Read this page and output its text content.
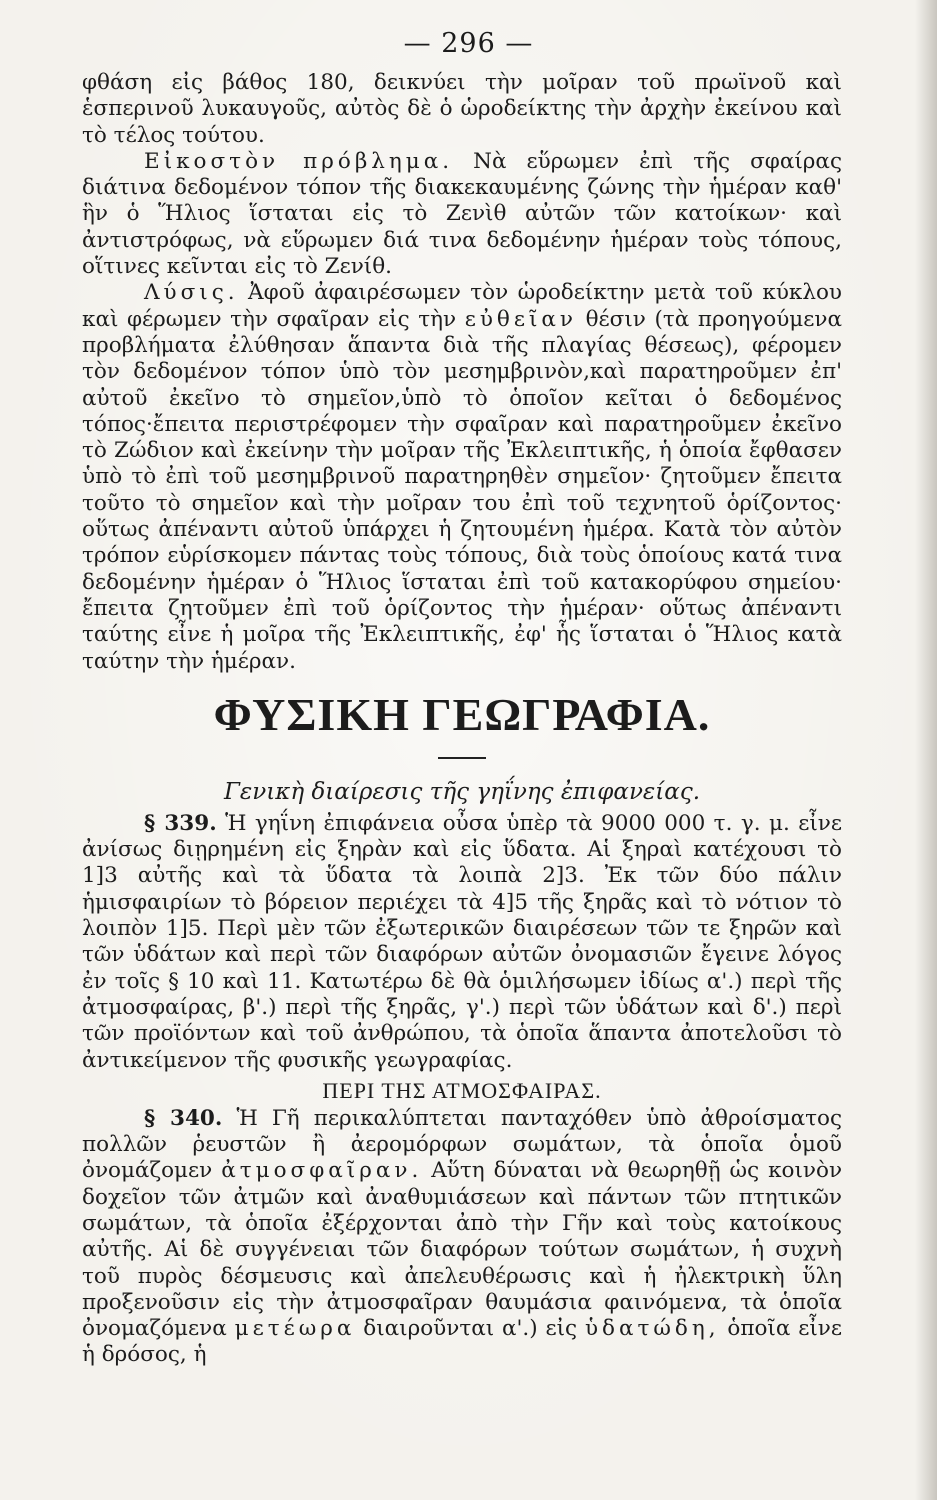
— 296 —

φθάση εἰς βάθος 180, δεικνύει τὴν μοῖραν τοῦ πρωϊνοῦ καὶ ἑσπερινοῦ λυκαυγοῦς, αὐτὸς δὲ ὁ ὡροδείκτης τὴν ἀρχὴν ἐκείνου καὶ τὸ τέλος τούτου.

Εἰκοστὸν πρόβλημα. Νὰ εὕρωμεν ἐπὶ τῆς σφαίρας διάτινα δεδομένον τόπον τῆς διακεκαυμένης ζώνης τὴν ἡμέραν καθ' ἣν ὁ Ἥλιος ἵσταται εἰς τὸ Ζενὶθ αὐτῶν τῶν κατοίκων· καὶ ἀντιστρόφως, νὰ εὕρωμεν διά τινα δεδομένην ἡμέραν τοὺς τόπους, οἵτινες κεῖνται εἰς τὸ Ζενίθ.

Λύσις. Ἀφοῦ ἀφαιρέσωμεν τὸν ὡροδείκτην μετὰ τοῦ κύκλου καὶ φέρωμεν τὴν σφαῖραν εἰς τὴν εὐθεῖαν θέσιν (τὰ προηγούμενα προβλήματα ἐλύθησαν ἅπαντα διὰ τῆς πλαγίας θέσεως), φέρομεν τὸν δεδομένον τόπον ὑπὸ τὸν μεσημβρινὸν,καὶ παρατηροῦμεν ἐπ' αὐτοῦ ἐκεῖνο τὸ σημεῖον,ὑπὸ τὸ ὁποῖον κεῖται ὁ δεδομένος τόπος·ἔπειτα περιστρέφομεν τὴν σφαῖραν καὶ παρατηροῦμεν ἐκεῖνο τὸ Ζώδιον καὶ ἐκείνην τὴν μοῖραν τῆς Ἐκλειπτικῆς, ἡ ὁποία ἔφθασεν ὑπὸ τὸ ἐπὶ τοῦ μεσημβρινοῦ παρατηρηθὲν σημεῖον· ζητοῦμεν ἔπειτα τοῦτο τὸ σημεῖον καὶ τὴν μοῖραν του ἐπὶ τοῦ τεχνητοῦ ὁρίζοντος· οὕτως ἀπέναντι αὐτοῦ ὑπάρχει ἡ ζητουμένη ἡμέρα. Κατὰ τὸν αὐτὸν τρόπον εὑρίσκομεν πάντας τοὺς τόπους, διὰ τοὺς ὁποίους κατά τινα δεδομένην ἡμέραν ὁ Ἥλιος ἵσταται ἐπὶ τοῦ κατακορύφου σημείου· ἔπειτα ζητοῦμεν ἐπὶ τοῦ ὁρίζοντος τὴν ἡμέραν· οὕτως ἀπέναντι ταύτης εἶνε ἡ μοῖρα τῆς Ἐκλειπτικῆς, ἐφ' ἧς ἵσταται ὁ Ἥλιος κατὰ ταύτην τὴν ἡμέραν.

ΦΥΣΙΚΗ ΓΕΩΓΡΑΦΙΑ.
Γενικὴ διαίρεσις τῆς γηΐνης ἐπιφανείας.

§ 339. Ἡ γηΐνη ἐπιφάνεια οὖσα ὑπὲρ τὰ 9000 000 τ. γ. μ. εἶνε ἀνίσως διῃρημένη εἰς ξηρὰν καὶ εἰς ὕδατα. Αἱ ξηραὶ κατέχουσι τὸ 1]3 αὐτῆς καὶ τὰ ὕδατα τὰ λοιπὰ 2]3. Ἐκ τῶν δύο πάλιν ἡμισφαιρίων τὸ βόρειον περιέχει τὰ 4]5 τῆς ξηρᾶς καὶ τὸ νότιον τὸ λοιπὸν 1]5. Περὶ μὲν τῶν ἐξωτερικῶν διαιρέσεων τῶν τε ξηρῶν καὶ τῶν ὑδάτων καὶ περὶ τῶν διαφόρων αὐτῶν ὀνομασιῶν ἔγεινε λόγος ἐν τοῖς § 10 καὶ 11. Κατωτέρω δὲ θὰ ὁμιλήσωμεν ἰδίως α'.) περὶ τῆς ἀτμοσφαίρας, β'.) περὶ τῆς ξηρᾶς, γ'.) περὶ τῶν ὑδάτων καὶ δ'.) περὶ τῶν προϊόντων καὶ τοῦ ἀνθρώπου, τὰ ὁποῖα ἅπαντα ἀποτελοῦσι τὸ ἀντικείμενον τῆς φυσικῆς γεωγραφίας.

ΠΕΡΙ ΤΗΣ ΑΤΜΟΣΦΑΙΡΑΣ.

§ 340. Ἡ Γῆ περικαλύπτεται πανταχόθεν ὑπὸ ἀθροίσματος πολλῶν ῥευστῶν ἢ ἀερομόρφων σωμάτων, τὰ ὁποῖα ὁμοῦ ὀνομάζομεν ἀτμοσφαῖραν. Αὕτη δύναται νὰ θεωρηθῇ ὡς κοινὸν δοχεῖον τῶν ἀτμῶν καὶ ἀναθυμιάσεων καὶ πάντων τῶν πτητικῶν σωμάτων, τὰ ὁποῖα ἐξέρχονται ἀπὸ τὴν Γῆν καὶ τοὺς κατοίκους αὐτῆς. Αἱ δὲ συγγένειαι τῶν διαφόρων τούτων σωμάτων, ἡ συχνὴ τοῦ πυρὸς δέσμευσις καὶ ἀπελευθέρωσις καὶ ἡ ἠλεκτρικὴ ὕλη προξενοῦσιν εἰς τὴν ἀτμοσφαῖραν θαυμάσια φαινόμενα, τὰ ὁποῖα ὀνομαζόμενα μετέωρα διαιροῦνται α'.) εἰς ὑδατώδη, ὁποῖα εἶνε ἡ δρόσος, ἡ
